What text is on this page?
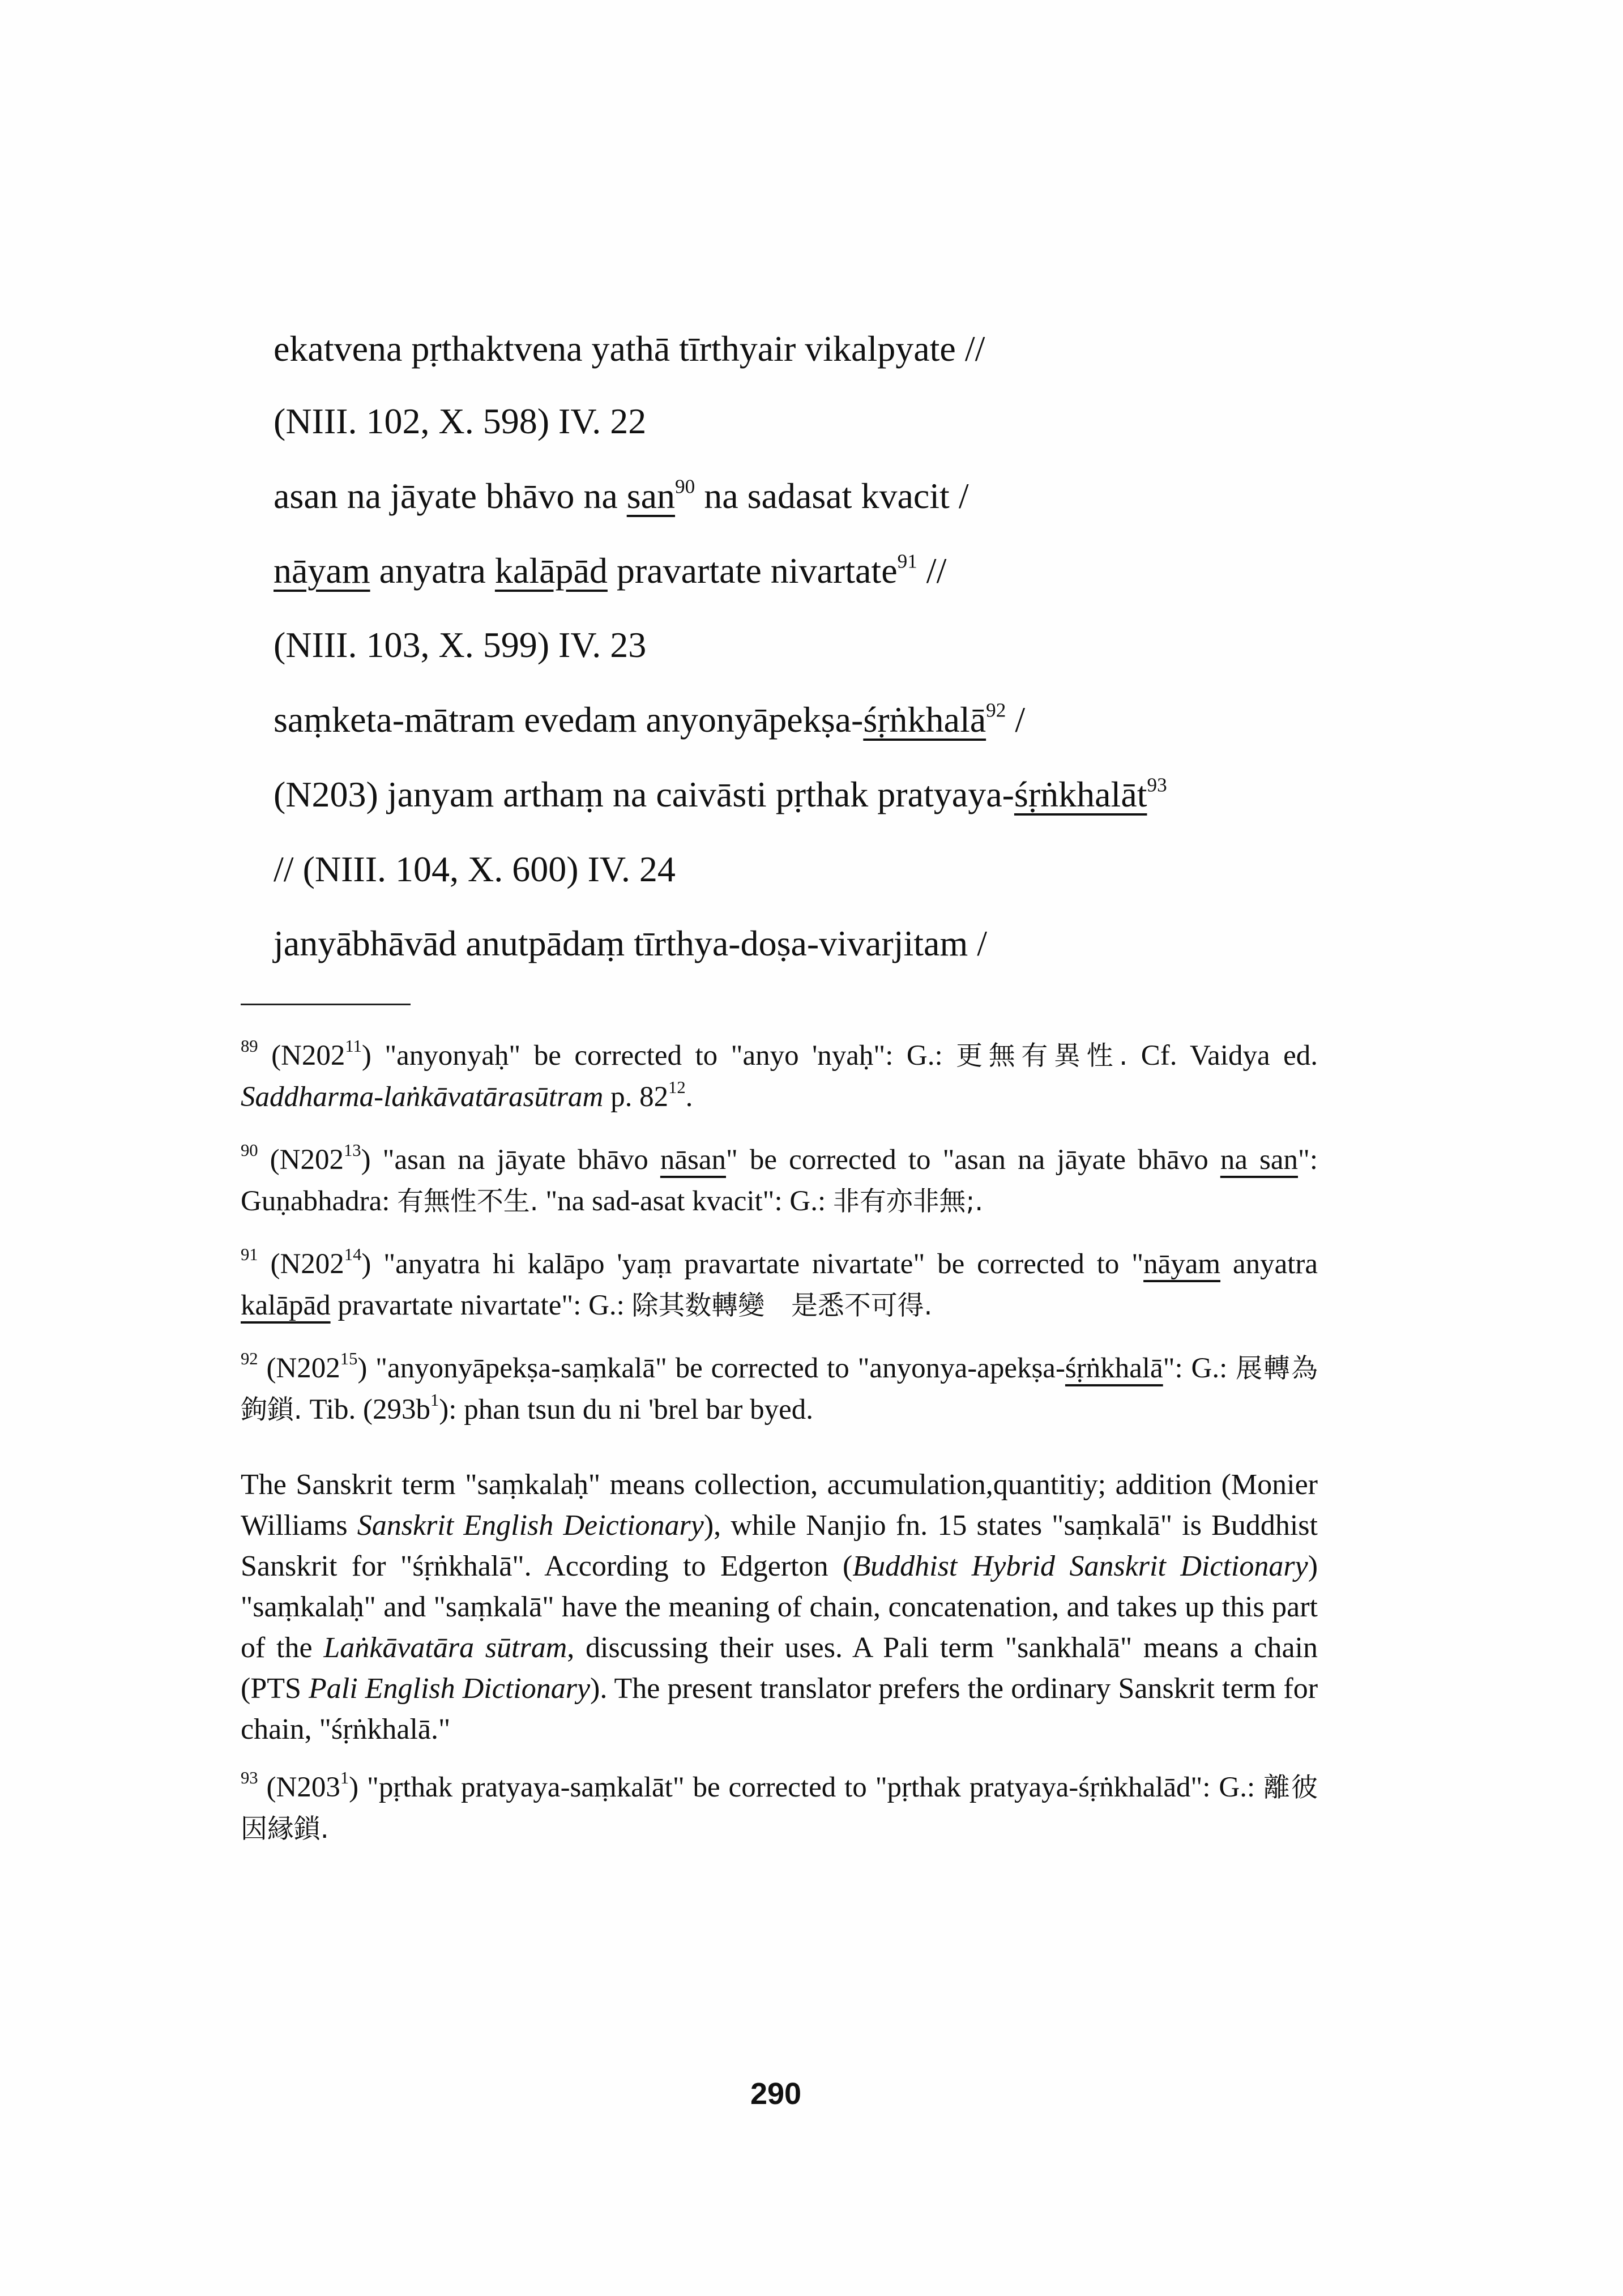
ekatvena pṛthaktvena yathā tīrthyair vikalpyate //
(NIII. 102, X. 598) IV. 22
asan na jāyate bhāvo na san$^{90}$ na sadasat kvacit /
nāyam anyatra kalāpād pravartate nivartate$^{91}$ //
(NIII. 103, X. 599) IV. 23
saṃketa-mātram evedam anyonyāpekṣa-śṛṅkhalā$^{92}$ /
(N203) janyam arthaṃ na caivāsti pṛthak pratyaya-śṛṅkhalāt$^{93}$
// (NIII. 104, X. 600) IV. 24
janyābhāvād anutpādaṃ tīrthya-doṣa-vivarjitam /
$^{89}$ $(N202^{11})$ "anyonyaḥ" be corrected to "anyo 'nyaḥ": G.: 更無有異性. Cf. Vaidya ed. Saddharma-laṅkāvatārasūtram p. $82^{12}$.
$^{90}$ $(N202^{13})$ "asan na jāyate bhāvo nāsan" be corrected to "asan na jāyate bhāvo na san": Guṇabhadra: 有無性不生. "na sad-asat kvacit": G.: 非有亦非無;.
$^{91}$ $(N202^{14})$ "anyatra hi kalāpo 'yaṃ pravartate nivartate" be corrected to "nāyam anyatra kalāpād pravartate nivartate": G.: 除其数轉變　是悉不可得.
$^{92}$ $(N202^{15})$ "anyonyāpekṣa-saṃkalā" be corrected to "anyonya-apekṣa-śṛṅkhalā": G.: 展轉為鉤鎖. Tib. $(293b^1)$: phan tsun du ni 'brel bar byed.
The Sanskrit term "saṃkalaḥ" means collection, accumulation,quantitiy; addition (Monier Williams Sanskrit English Deictionary), while Nanjio fn. 15 states "saṃkalā" is Buddhist Sanskrit for "śṛṅkhalā". According to Edgerton (Buddhist Hybrid Sanskrit Dictionary) "saṃkalaḥ" and "saṃkalā" have the meaning of chain, concatenation, and takes up this part of the Laṅkāvatāra sūtram, discussing their uses. A Pali term "sankhalā" means a chain (PTS Pali English Dictionary). The present translator prefers the ordinary Sanskrit term for chain, "śṛṅkhalā."
$^{93}$ $(N203^1)$ "pṛthak pratyaya-saṃkalāt" be corrected to "pṛthak pratyaya-śṛṅkhalād": G.: 離彼因縁鎖.
290
